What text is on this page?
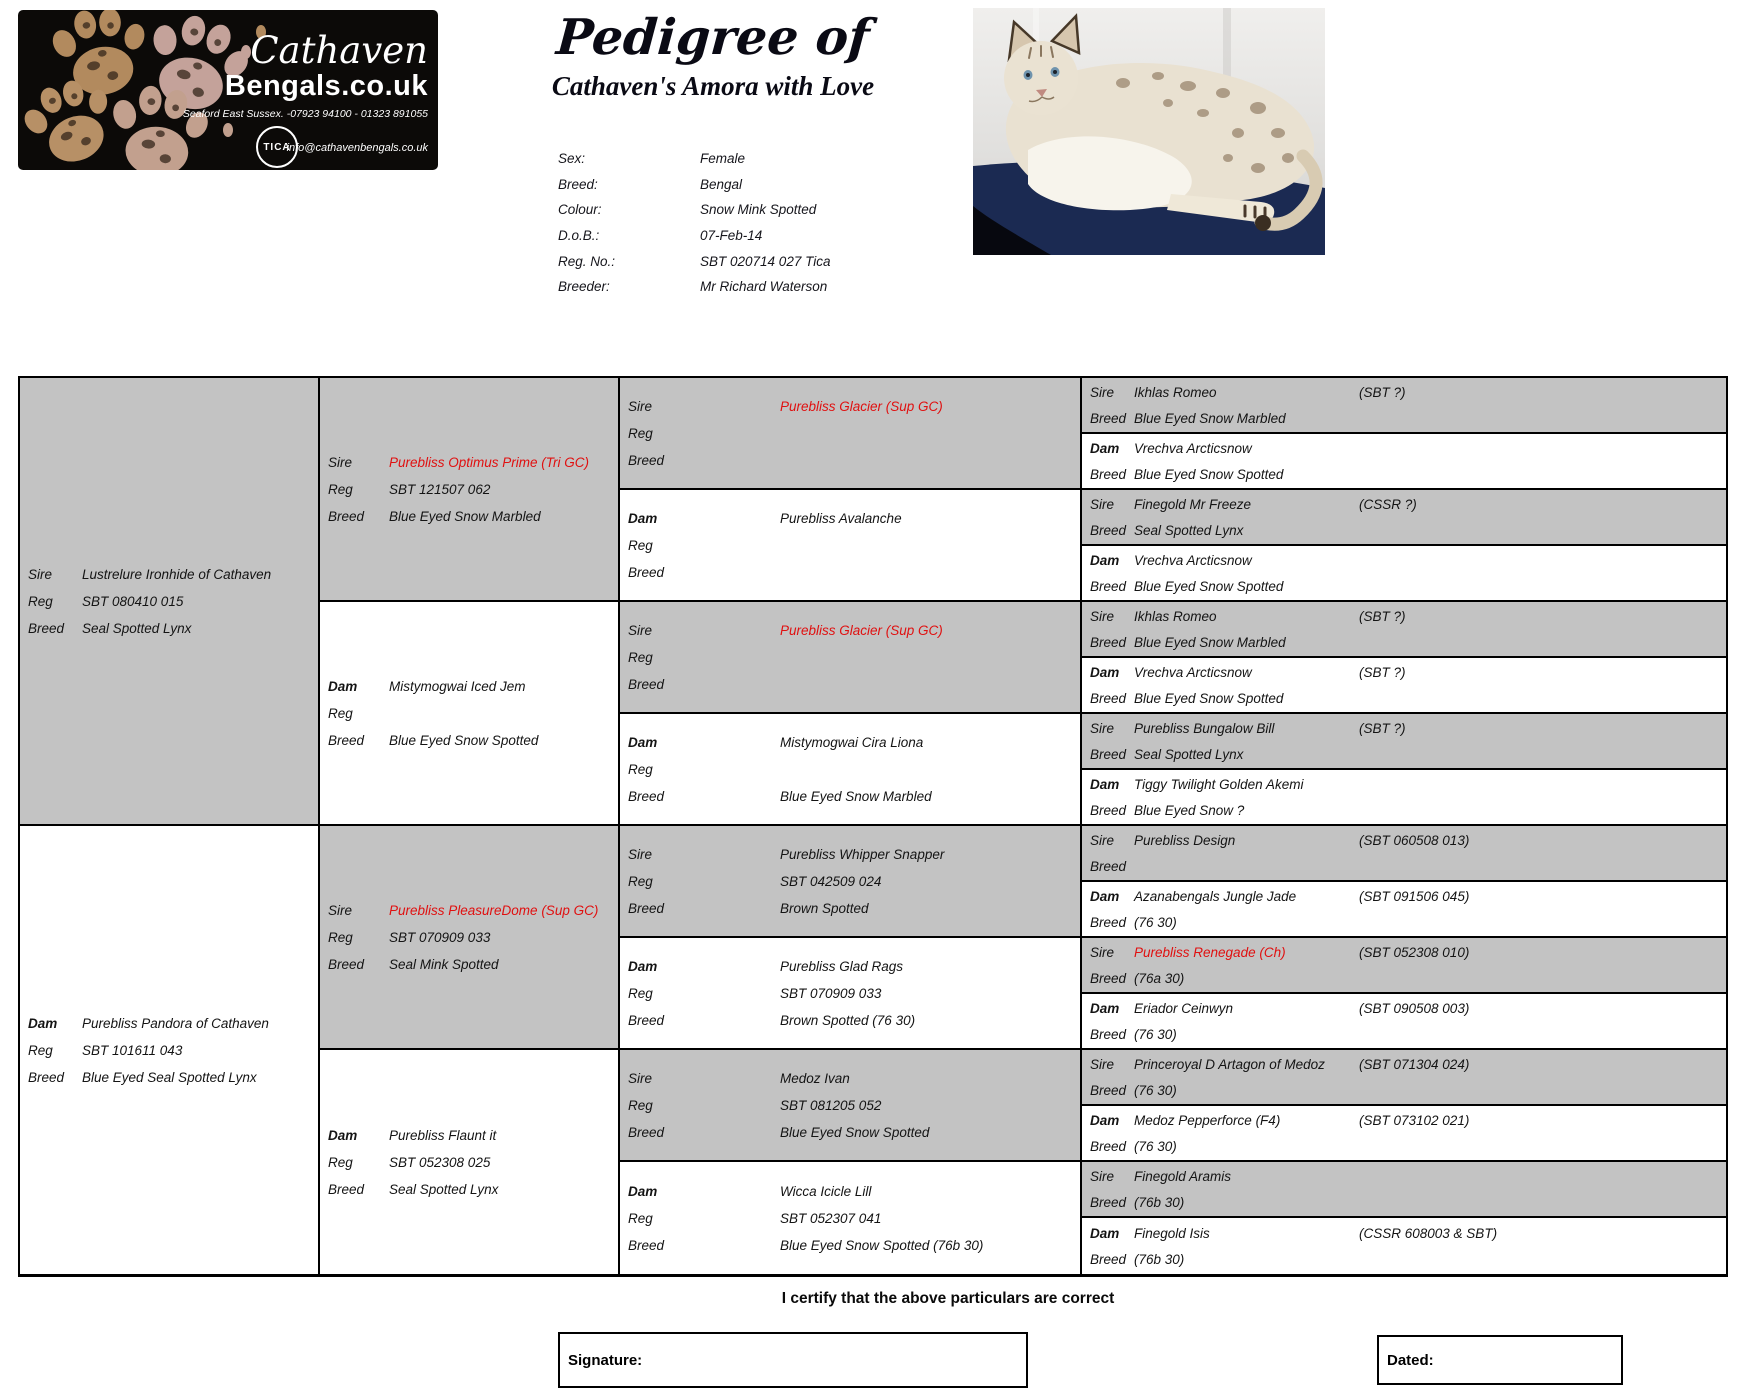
Cathaven
Bengals.co.uk
Seaford East Sussex. -07923 94100 - 01323 891055
info@cathavenbengals.co.uk
TICA
Pedigree of
Cathaven's Amora with Love
Sex:	Female
Breed:	Bengal
Colour:	Snow Mink Spotted
D.o.B.:	07-Feb-14
Reg. No.:	SBT 020714 027 Tica
Breeder:	Mr Richard Waterson
Sire	Lustrelure Ironhide of Cathaven
Reg	SBT 080410 015
Breed	Seal Spotted Lynx
Dam	Purebliss Pandora of Cathaven
Reg	SBT 101611 043
Breed	Blue Eyed Seal Spotted Lynx
Sire	Purebliss Optimus Prime (Tri GC)
Reg	SBT 121507 062
Breed	Blue Eyed Snow Marbled
Dam	Mistymogwai Iced Jem
Reg
Breed	Blue Eyed Snow Spotted
Sire	Purebliss PleasureDome (Sup GC)
Reg	SBT 070909 033
Breed	Seal Mink Spotted
Dam	Purebliss Flaunt it
Reg	SBT 052308 025
Breed	Seal Spotted Lynx
Sire	Purebliss Glacier (Sup GC)
Reg
Breed
Dam	Purebliss Avalanche
Reg
Breed
Sire	Purebliss Glacier (Sup GC)
Reg
Breed
Dam	Mistymogwai Cira Liona
Reg
Breed	Blue Eyed Snow Marbled
Sire	Purebliss Whipper Snapper
Reg	SBT 042509 024
Breed	Brown Spotted
Dam	Purebliss Glad Rags
Reg	SBT 070909 033
Breed	Brown Spotted (76 30)
Sire	Medoz Ivan
Reg	SBT 081205 052
Breed	Blue Eyed Snow Spotted
Dam	Wicca Icicle Lill
Reg	SBT 052307 041
Breed	Blue Eyed Snow Spotted (76b 30)
Sire	Ikhlas Romeo	(SBT ?)
Breed Blue Eyed Snow Marbled
Dam	Vrechva Arcticsnow
Breed Blue Eyed Snow Spotted
Sire	Finegold Mr Freeze	(CSSR ?)
Breed Seal Spotted Lynx
Dam	Vrechva Arcticsnow
Breed Blue Eyed Snow Spotted
Sire	Ikhlas Romeo	(SBT ?)
Breed Blue Eyed Snow Marbled
Dam	Vrechva Arcticsnow	(SBT ?)
Breed Blue Eyed Snow Spotted
Sire	Purebliss Bungalow Bill	(SBT ?)
Breed Seal Spotted Lynx
Dam	Tiggy Twilight Golden Akemi
Breed Blue Eyed Snow ?
Sire	Purebliss Design	(SBT 060508 013)
Breed
Dam	Azanabengals Jungle Jade	(SBT 091506 045)
Breed (76 30)
Sire	Purebliss Renegade (Ch)	(SBT 052308 010)
Breed (76a 30)
Dam	Eriador Ceinwyn	(SBT 090508 003)
Breed (76 30)
Sire	Princeroyal D Artagon of Medoz	(SBT 071304 024)
Breed (76 30)
Dam	Medoz Pepperforce (F4)	(SBT 073102 021)
Breed (76 30)
Sire	Finegold Aramis
Breed (76b 30)
Dam	Finegold Isis	(CSSR 608003 & SBT)
Breed (76b 30)
I certify that the above particulars are correct
Signature:	Dated:
